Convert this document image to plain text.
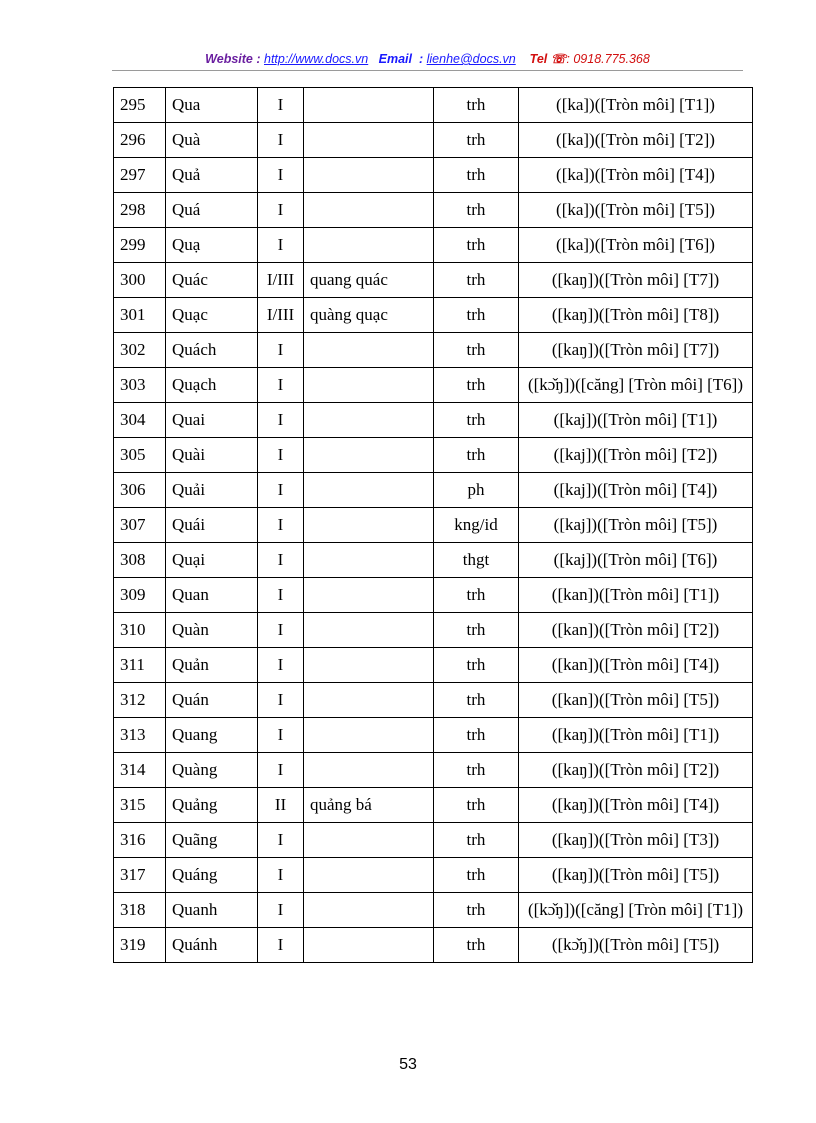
Website : http://www.docs.vn Email : lienhe@docs.vn Tel ☏: 0918.775.368
295	Qua	I		trh	([ka])([Tròn môi] [T1])
296	Quà	I		trh	([ka])([Tròn môi] [T2])
297	Quả	I		trh	([ka])([Tròn môi] [T4])
298	Quá	I		trh	([ka])([Tròn môi] [T5])
299	Quạ	I		trh	([ka])([Tròn môi] [T6])
300	Quác	I/III	quang quác	trh	([kaŋ])([Tròn môi] [T7])
301	Quạc	I/III	quàng quạc	trh	([kaŋ])([Tròn môi] [T8])
302	Quách	I		trh	([kaŋ])([Tròn môi] [T7])
303	Quạch	I		trh	([kɔ̌ŋ])([căng] [Tròn môi] [T6])
304	Quai	I		trh	([kaj])([Tròn môi] [T1])
305	Quài	I		trh	([kaj])([Tròn môi] [T2])
306	Quải	I		ph	([kaj])([Tròn môi] [T4])
307	Quái	I		kng/id	([kaj])([Tròn môi] [T5])
308	Quại	I		thgt	([kaj])([Tròn môi] [T6])
309	Quan	I		trh	([kan])([Tròn môi] [T1])
310	Quàn	I		trh	([kan])([Tròn môi] [T2])
311	Quản	I		trh	([kan])([Tròn môi] [T4])
312	Quán	I		trh	([kan])([Tròn môi] [T5])
313	Quang	I		trh	([kaŋ])([Tròn môi] [T1])
314	Quàng	I		trh	([kaŋ])([Tròn môi] [T2])
315	Quảng	II	quảng bá	trh	([kaŋ])([Tròn môi] [T4])
316	Quãng	I		trh	([kaŋ])([Tròn môi] [T3])
317	Quáng	I		trh	([kaŋ])([Tròn môi] [T5])
318	Quanh	I		trh	([kɔ̌ŋ])([căng] [Tròn môi] [T1])
319	Quánh	I		trh	([kɔ̌ŋ])([Tròn môi] [T5])
53
